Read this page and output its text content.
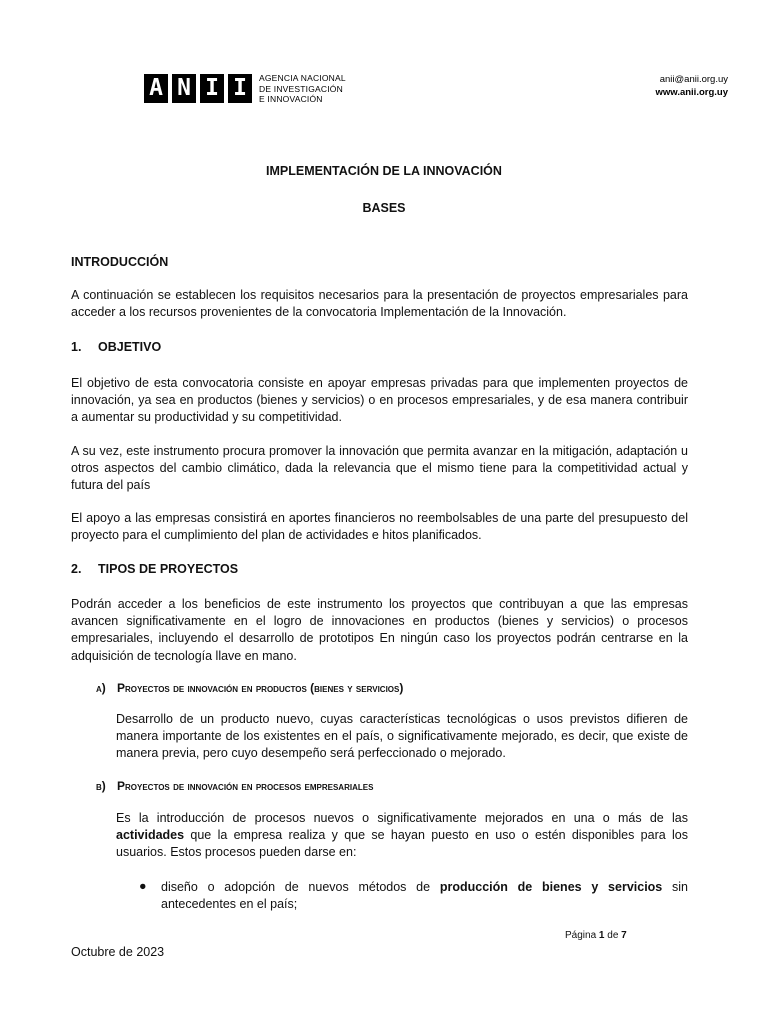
A N I I	AGENCIA NACIONAL
DE INVESTIGACIÓN
E INNOVACIÓN
anii@anii.org.uy
www.anii.org.uy
IMPLEMENTACIÓN DE LA INNOVACIÓN
BASES
INTRODUCCIÓN
A continuación se establecen los requisitos necesarios para la presentación de proyectos empresariales para acceder a los recursos provenientes de la convocatoria Implementación de la Innovación.
1. OBJETIVO
El objetivo de esta convocatoria consiste en apoyar empresas privadas para que implementen proyectos de innovación, ya sea en productos (bienes y servicios) o en procesos empresariales, y de esa manera contribuir a aumentar su productividad y su competitividad.
A su vez, este instrumento procura promover la innovación que permita avanzar en la mitigación, adaptación u otros aspectos del cambio climático, dada la relevancia que el mismo tiene para la competitividad actual y futura del país
El apoyo a las empresas consistirá en aportes financieros no reembolsables de una parte del presupuesto del proyecto para el cumplimiento del plan de actividades e hitos planificados.
2. TIPOS DE PROYECTOS
Podrán acceder a los beneficios de este instrumento los proyectos que contribuyan a que las empresas avancen significativamente en el logro de innovaciones en productos (bienes y servicios) o procesos empresariales, incluyendo el desarrollo de prototipos En ningún caso los proyectos podrán centrarse en la adquisición de tecnología llave en mano.
a) Proyectos de innovación en productos (bienes y servicios)
Desarrollo de un producto nuevo, cuyas características tecnológicas o usos previstos difieren de manera importante de los existentes en el país, o significativamente mejorado, es decir, que existe de manera previa, pero cuyo desempeño será perfeccionado o mejorado.
b) Proyectos de innovación en procesos empresariales
Es la introducción de procesos nuevos o significativamente mejorados en una o más de las actividades que la empresa realiza y que se hayan puesto en uso o estén disponibles para los usuarios. Estos procesos pueden darse en:
● diseño o adopción de nuevos métodos de producción de bienes y servicios sin antecedentes en el país;
Página 1 de 7
Octubre de 2023
